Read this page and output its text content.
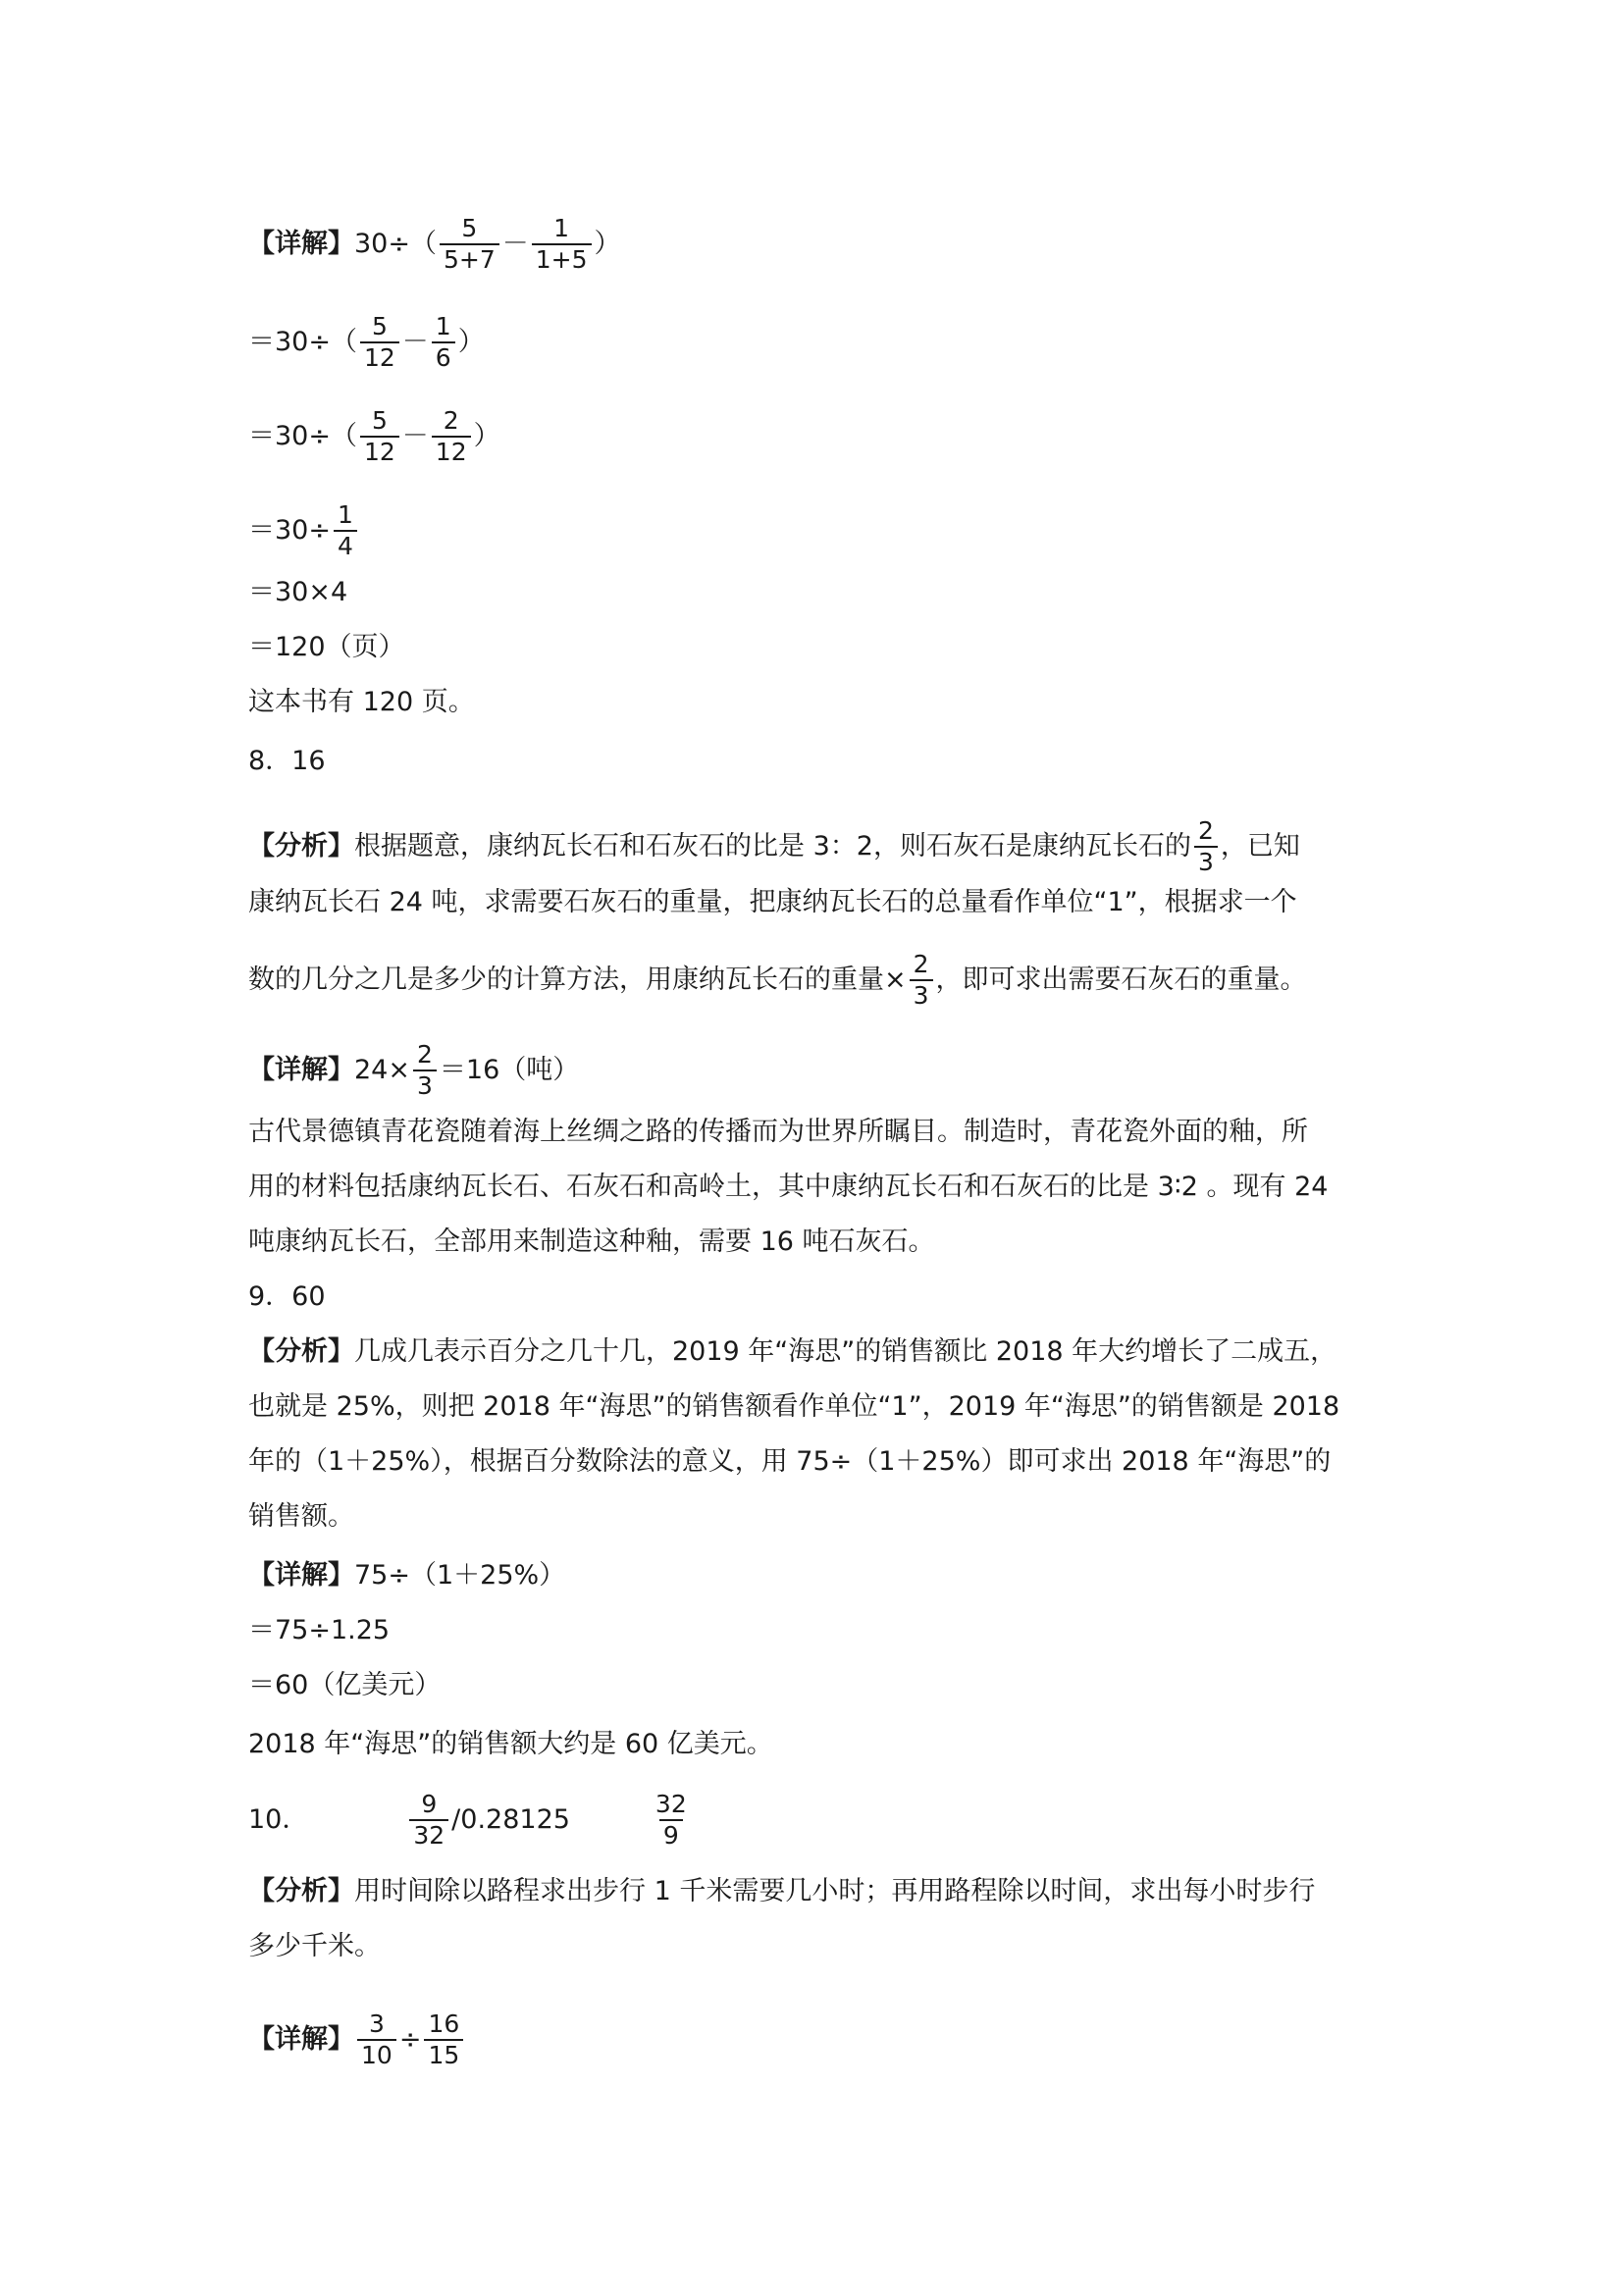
【详解】 $30\div( \frac{5}{5+7} - \frac{1}{1+5}$ ）
$=30\div( \frac{5}{12} - \frac{1}{6}$ ）
$=30\div( \frac{5}{12} - \frac{2}{12}$ ）
$=30\div \frac{1}{4}$
＝30×4
＝120（页）
这本书有 120 页。
8．16
【分析】 根据题意，康纳瓦长石和石灰石的比是 3：2，则石灰石是康纳瓦长石的 $\frac{2}{3}$ ，已知
康纳瓦长石 24 吨，求需要石灰石的重量，把康纳瓦长石的总量看作单位“1”，根据求一个
数的几分之几是多少的计算方法，用康纳瓦长石的重量× $\frac{2}{3}$ ，即可求出需要石灰石的重量。
【详解】 $24\times \frac{2}{3} =16$（吨）
古代景德镇青花瓷随着海上丝绸之路的传播而为世界所瞩目。制造时，青花瓷外面的釉，所
用的材料包括康纳瓦长石、石灰石和高岭土，其中康纳瓦长石和石灰石的比是 3∶2 。现有 24
吨康纳瓦长石，全部用来制造这种釉，需要 16 吨石灰石。
9．60
【分析】 几成几表示百分之几十几，2019 年“海思”的销售额比 2018 年大约增长了二成五，
也就是 25%，则把 2018 年“海思”的销售额看作单位“1”，2019 年“海思”的销售额是 2018
年的（1＋25%），根据百分数除法的意义，用 75÷（1＋25%）即可求出 2018 年“海思”的
销售额。
【详解】 75÷（1＋25%）
＝75÷1.25
＝60（亿美元）
2018 年“海思”的销售额大约是 60 亿美元。
10．	$\frac{9}{32} /0.28125$	$\frac{32}{9}$
【分析】 用时间除以路程求出步行 1 千米需要几小时；再用路程除以时间，求出每小时步行
多少千米。
【详解】 $\frac{3}{10} \div \frac{16}{15}$
